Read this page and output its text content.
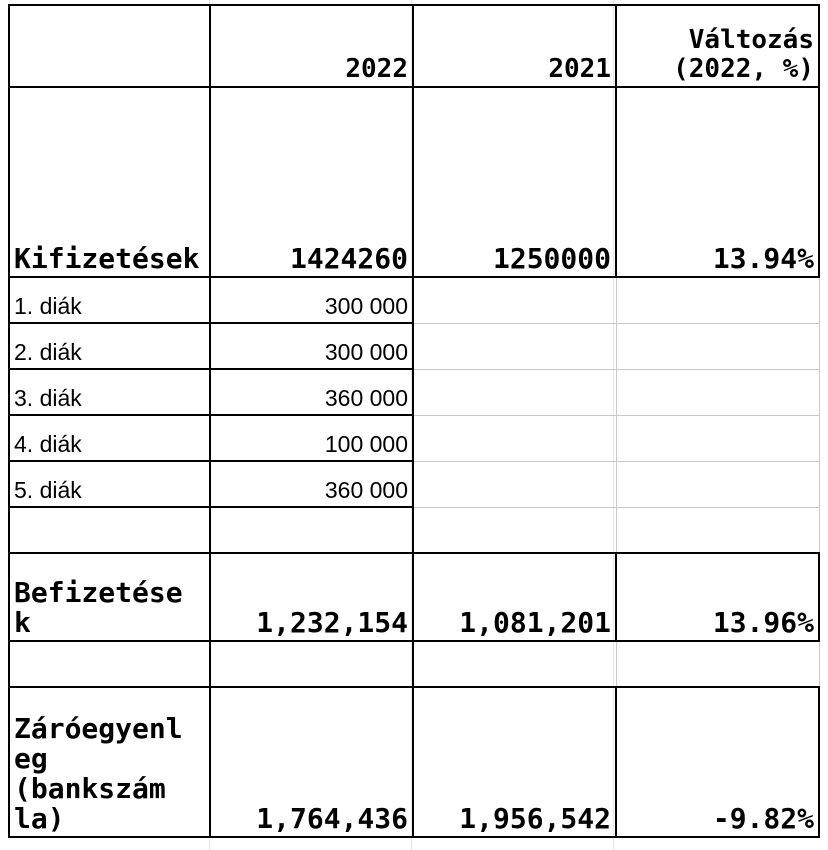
	2022	2021	Változás
(2022, %)

Kifizetések	1424260	1250000	13.94%
1. diák	300 000		
2. diák	300 000		
3. diák	360 000		
4. diák	100 000		
5. diák	360 000		

Befizetése
k	1,232,154	1,081,201	13.96%

Záróegyenl
eg
(bankszám
la)	1,764,436	1,956,542	-9.82%
